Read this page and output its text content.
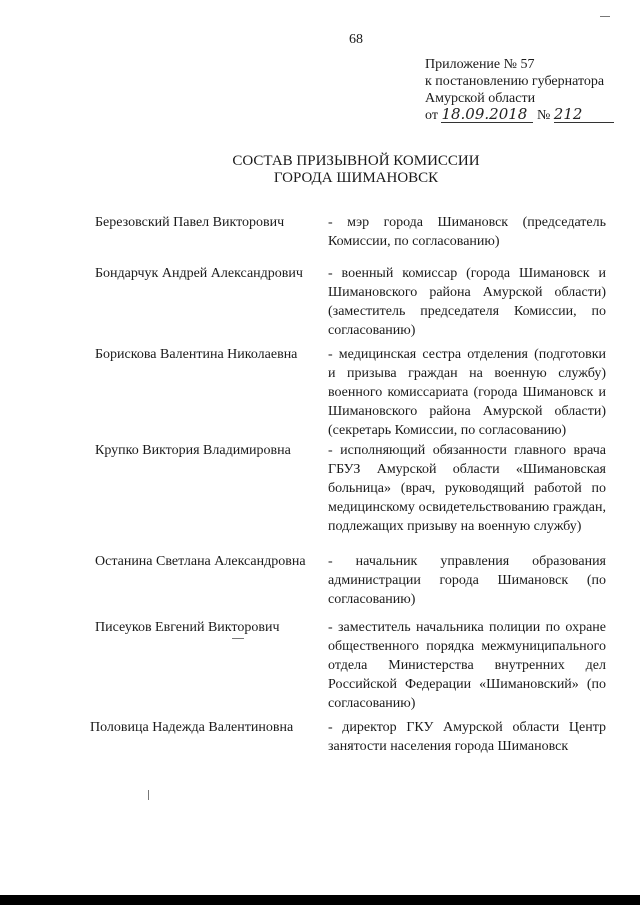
68
Приложение № 57
к постановлению губернатора
Амурской области
от 18.09.2018 № 212
СОСТАВ ПРИЗЫВНОЙ КОМИССИИ
ГОРОДА ШИМАНОВСК
Березовский Павел Викторович	- мэр города Шимановск (председатель Комиссии, по согласованию)
Бондарчук Андрей Александрович - военный комиссар (города Шимановск и Шимановского района Амурской области) (заместитель председателя Комиссии, по согласованию)
Борискова Валентина Николаевна - медицинская сестра отделения (подготовки и призыва граждан на военную службу) военного комиссариата (города Шимановск и Шимановского района Амурской области) (секретарь Комиссии, по согласованию)
Крупко Виктория Владимировна	- исполняющий обязанности главного врача ГБУЗ Амурской области «Шимановская больница» (врач, руководящий работой по медицинскому освидетельствованию граждан, подлежащих призыву на военную службу)
Останина Светлана Александровна - начальник управления образования администрации города Шимановск (по согласованию)
Писеуков Евгений Викторович	- заместитель начальника полиции по охране общественного порядка межмуниципального отдела Министерства внутренних дел Российской Федерации «Шимановский» (по согласованию)
Половица Надежда Валентиновна - директор ГКУ Амурской области Центр занятости населения города Шимановск
